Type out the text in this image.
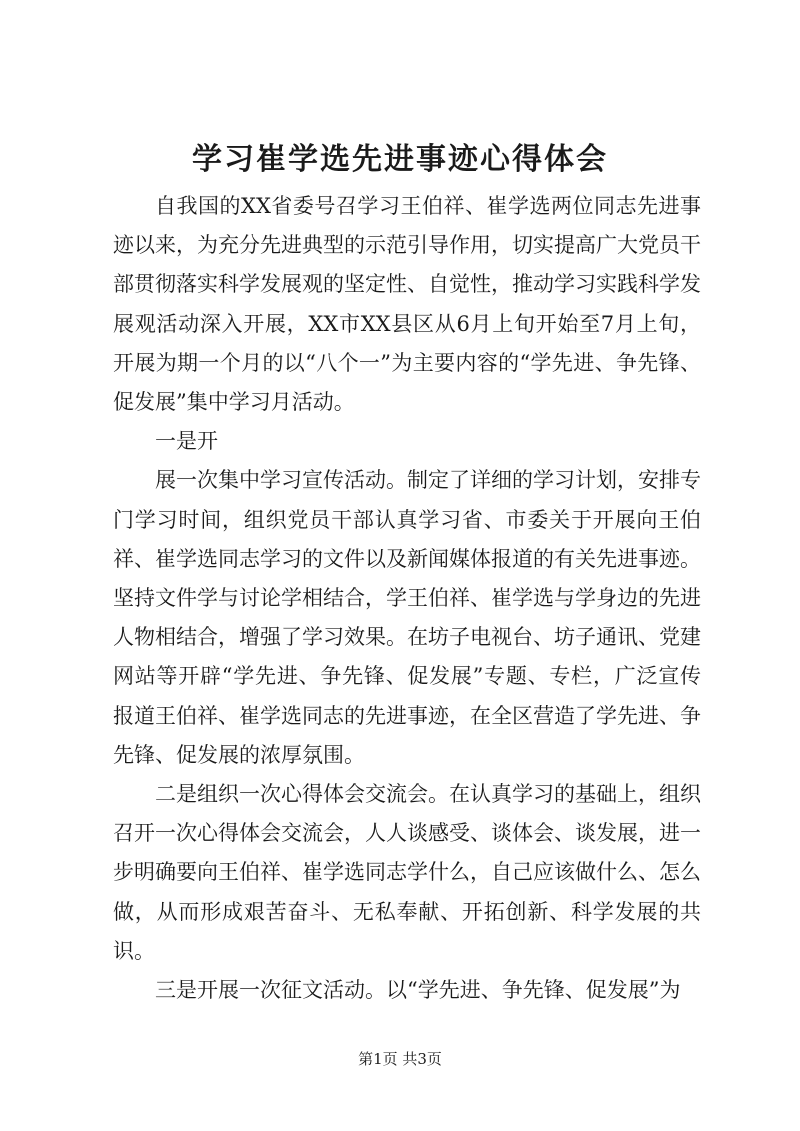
学习崔学选先进事迹心得体会

自我国的XX省委号召学习王伯祥、崔学选两位同志先进事迹以来，为充分先进典型的示范引导作用，切实提高广大党员干部贯彻落实科学发展观的坚定性、自觉性，推动学习实践科学发展观活动深入开展，XX市XX县区从6月上旬开始至7月上旬，开展为期一个月的以“八个一”为主要内容的“学先进、争先锋、促发展”集中学习月活动。

一是开

展一次集中学习宣传活动。制定了详细的学习计划，安排专门学习时间，组织党员干部认真学习省、市委关于开展向王伯祥、崔学选同志学习的文件以及新闻媒体报道的有关先进事迹。坚持文件学与讨论学相结合，学王伯祥、崔学选与学身边的先进人物相结合，增强了学习效果。在坊子电视台、坊子通讯、党建网站等开辟“学先进、争先锋、促发展”专题、专栏，广泛宣传报道王伯祥、崔学选同志的先进事迹，在全区营造了学先进、争先锋、促发展的浓厚氛围。

二是组织一次心得体会交流会。在认真学习的基础上，组织召开一次心得体会交流会，人人谈感受、谈体会、谈发展，进一步明确要向王伯祥、崔学选同志学什么，自己应该做什么、怎么做，从而形成艰苦奋斗、无私奉献、开拓创新、科学发展的共识。

三是开展一次征文活动。以“学先进、争先锋、促发展”为

第1页 共3页
